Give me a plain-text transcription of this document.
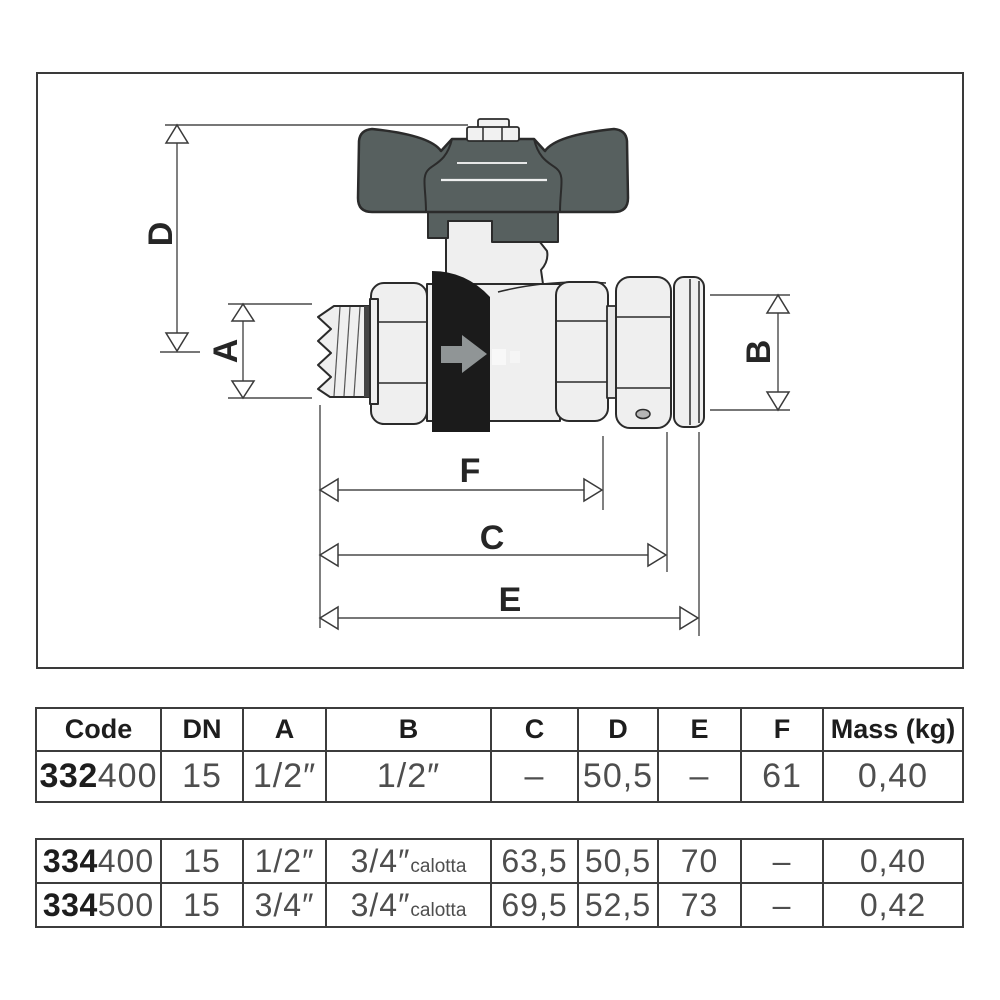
D
A	B
F
C
E
Code	DN	A	B	C	D	E	F	Mass (kg)
332400	15	1/2″	1/2″	–	50,5	–	61	0,40
334400	15	1/2″	3/4″calotta	63,5	50,5	70	–	0,40
334500	15	3/4″	3/4″calotta	69,5	52,5	73	–	0,42
